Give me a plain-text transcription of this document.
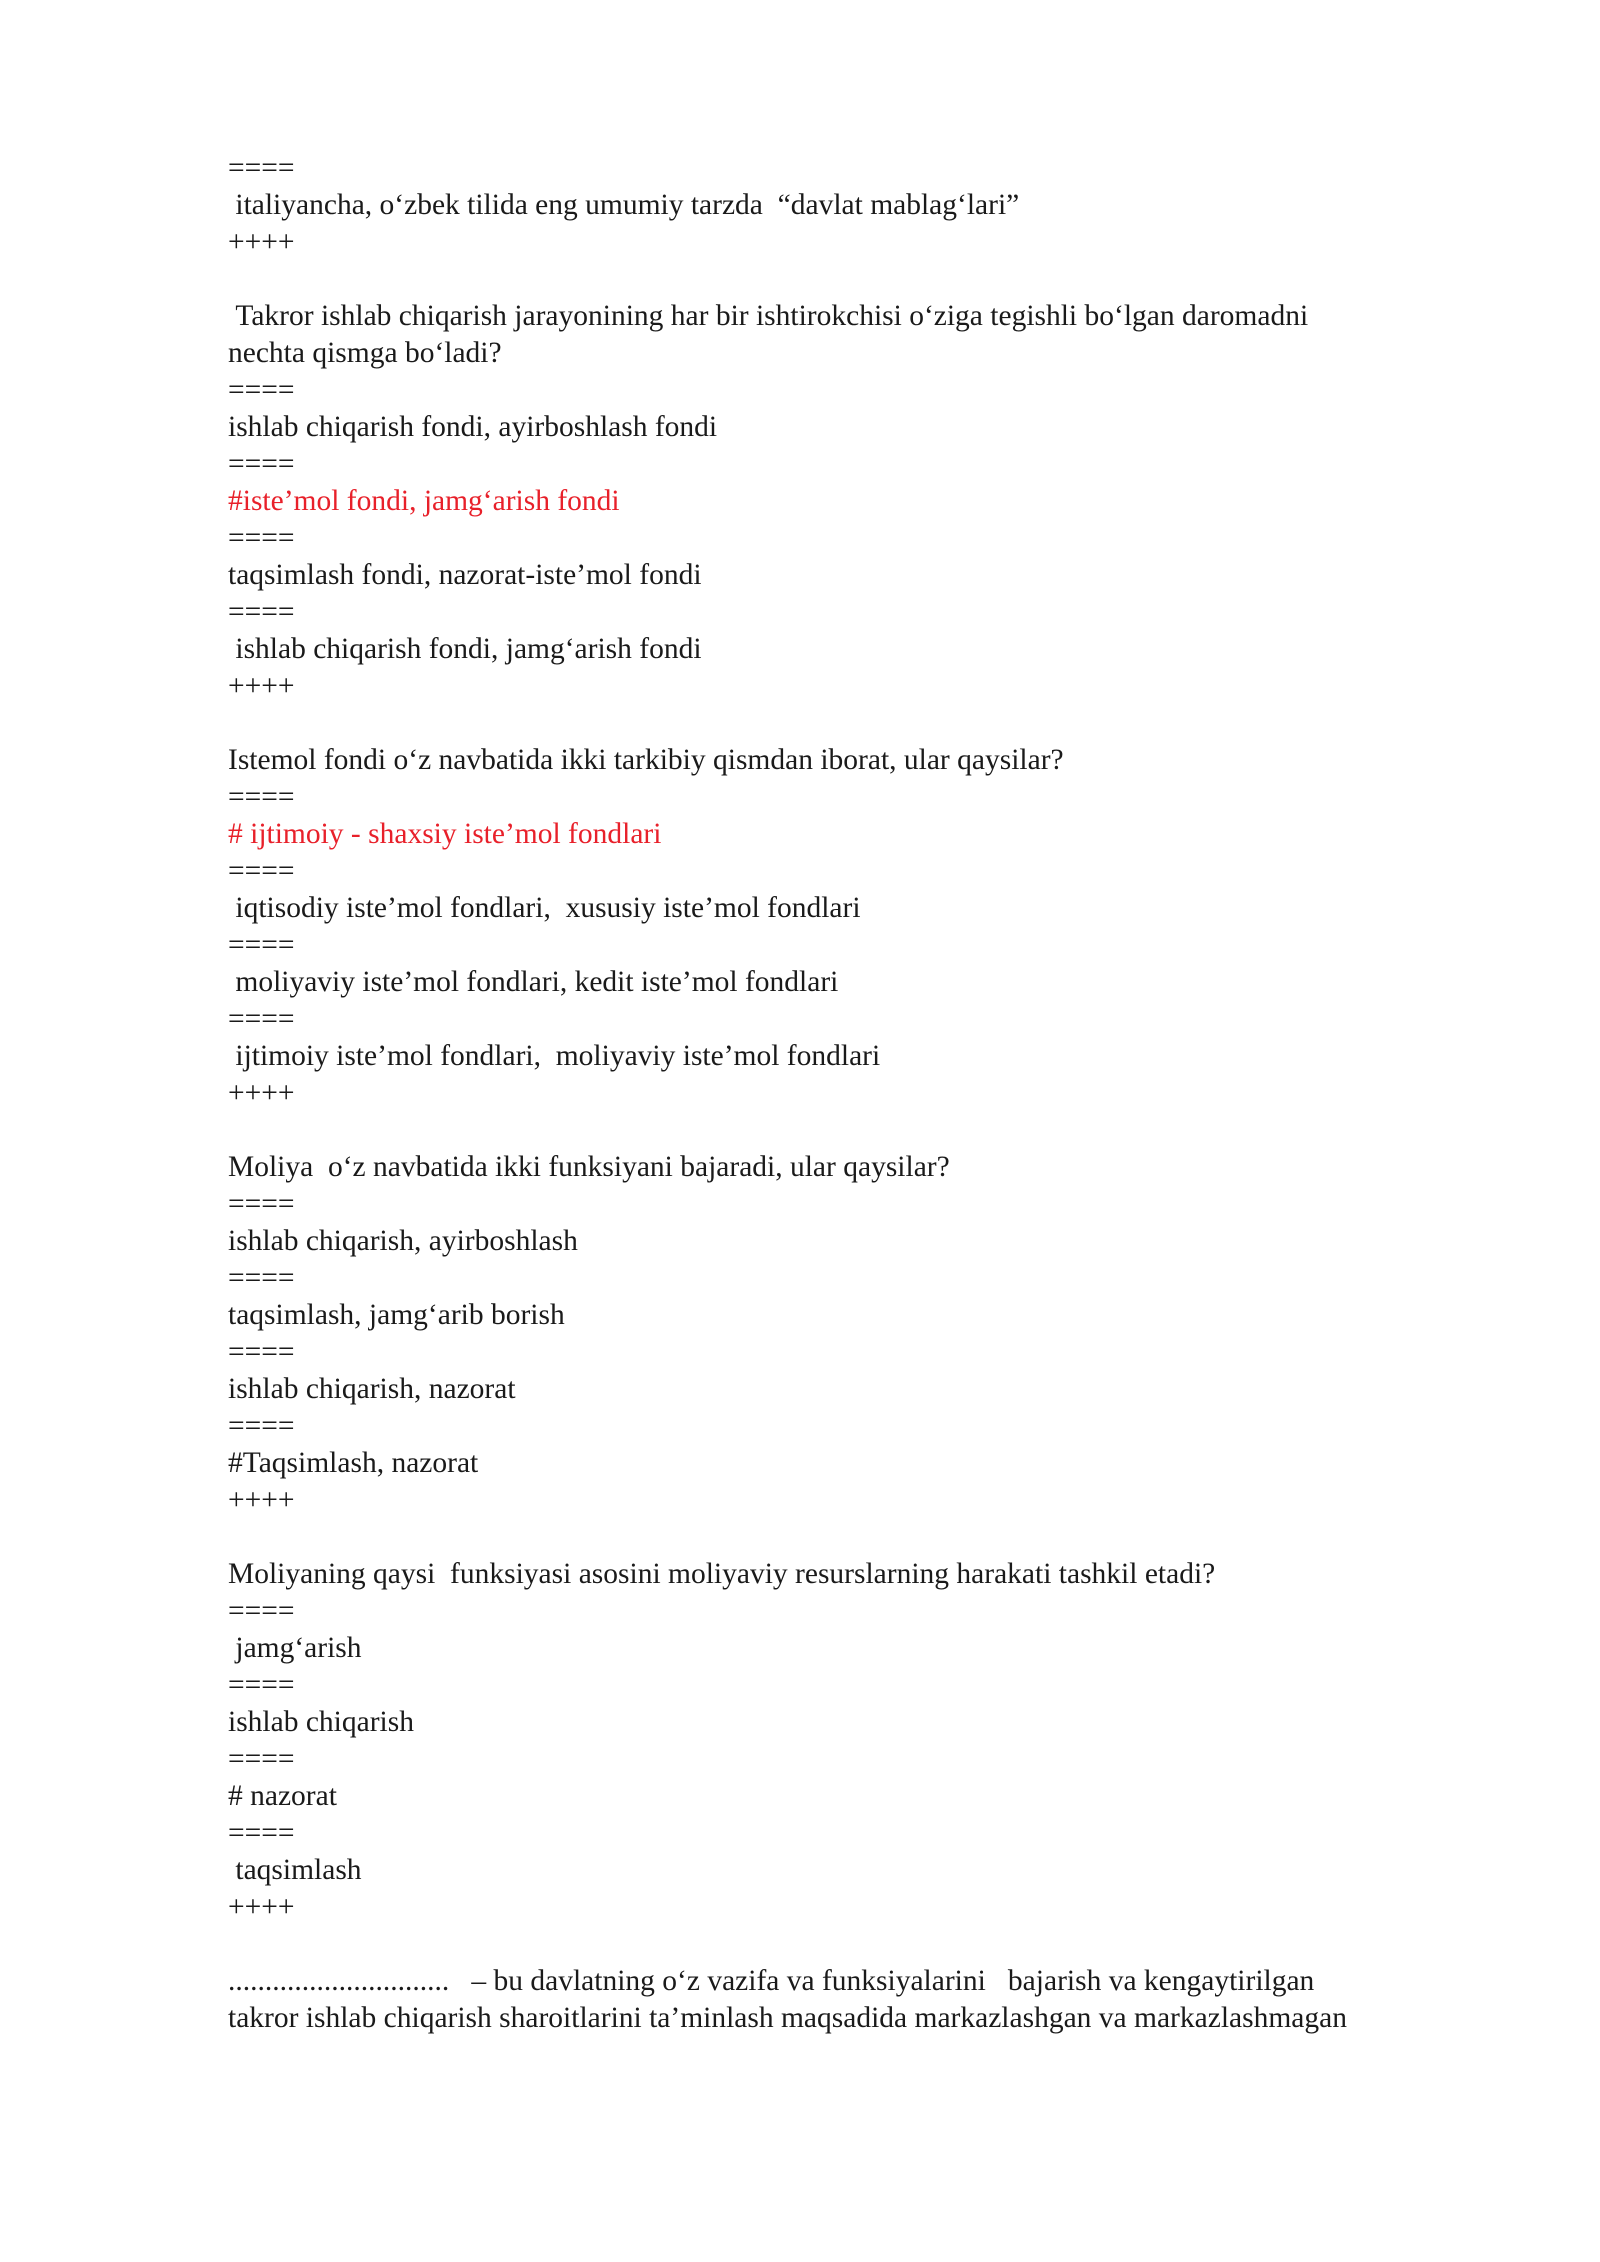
====
italiyancha, o‘zbek tilida eng umumiy tarzda  “davlat mablag‘lari”
++++
Takror ishlab chiqarish jarayonining har bir ishtirokchisi o‘ziga tegishli bo‘lgan daromadni
nechta qismga bo‘ladi?
====
ishlab chiqarish fondi, ayirboshlash fondi
====
#iste’mol fondi, jamg‘arish fondi
====
taqsimlash fondi, nazorat-iste’mol fondi
====
ishlab chiqarish fondi, jamg‘arish fondi
++++
Istemol fondi o‘z navbatida ikki tarkibiy qismdan iborat, ular qaysilar?
====
# ijtimoiy - shaxsiy iste’mol fondlari
====
iqtisodiy iste’mol fondlari,  xususiy iste’mol fondlari
====
moliyaviy iste’mol fondlari, kedit iste’mol fondlari
====
ijtimoiy iste’mol fondlari,  moliyaviy iste’mol fondlari
++++
Moliya  o‘z navbatida ikki funksiyani bajaradi, ular qaysilar?
====
ishlab chiqarish, ayirboshlash
====
taqsimlash, jamg‘arib borish
====
ishlab chiqarish, nazorat
====
#Taqsimlash, nazorat
++++
Moliyaning qaysi  funksiyasi asosini moliyaviy resurslarning harakati tashkil etadi?
====
jamg‘arish
====
ishlab chiqarish
====
# nazorat
====
taqsimlash
++++
..............................   – bu davlatning o‘z vazifa va funksiyalarini   bajarish va kengaytirilgan
takror ishlab chiqarish sharoitlarini ta’minlash maqsadida markazlashgan va markazlashmagan
